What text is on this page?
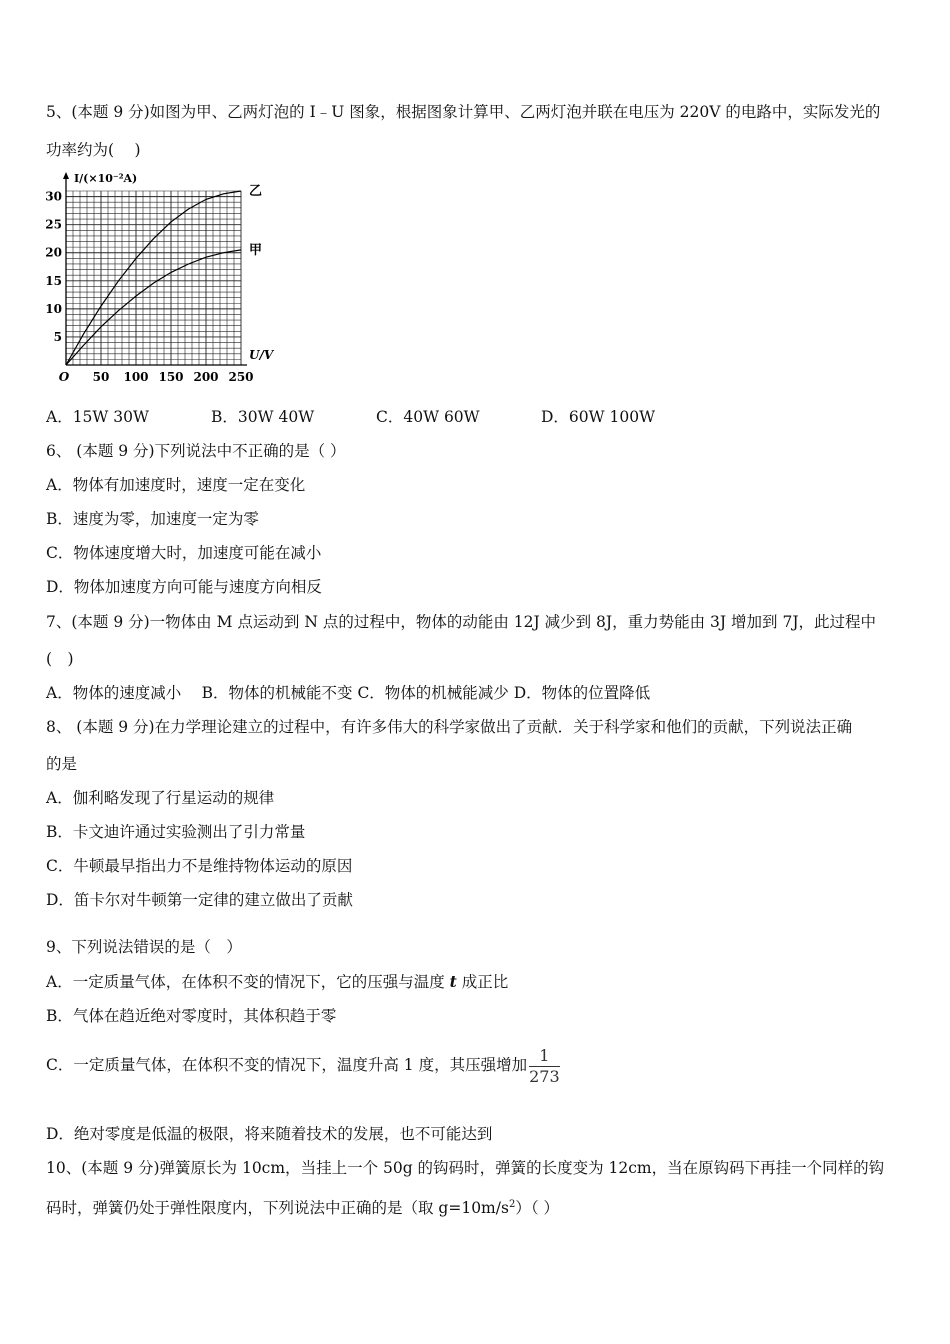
5、(本题 9 分)如图为甲、乙两灯泡的 I﹣U 图象，根据图象计算甲、乙两灯泡并联在电压为 220V 的电路中，实际发光的
功率约为(　 )
乙
甲
50 100 150 200 250
5
10
15
20
25
30
O
I/(×10⁻²A)
U/V
A．15W 30W	B．30W 40W	C．40W 60W	D．60W 100W
6、 (本题 9 分)下列说法中不正确的是（ ）
A．物体有加速度时，速度一定在变化
B．速度为零，加速度一定为零
C．物体速度增大时，加速度可能在减小
D．物体加速度方向可能与速度方向相反
7、(本题 9 分)一物体由 M 点运动到 N 点的过程中，物体的动能由 12J 减少到 8J，重力势能由 3J 增加到 7J，此过程中
(　)
A．物体的速度减小　 B．物体的机械能不变 C．物体的机械能减少 D．物体的位置降低
8、 (本题 9 分)在力学理论建立的过程中，有许多伟大的科学家做出了贡献．关于科学家和他们的贡献，下列说法正确
的是
A．伽利略发现了行星运动的规律
B．卡文迪许通过实验测出了引力常量
C．牛顿最早指出力不是维持物体运动的原因
D．笛卡尔对牛顿第一定律的建立做出了贡献
9、下列说法错误的是（　）
A．一定质量气体，在体积不变的情况下，它的压强与温度 t 成正比
B．气体在趋近绝对零度时，其体积趋于零
C．一定质量气体，在体积不变的情况下，温度升高 1 度，其压强增加 $\frac{1}{273}$
D．绝对零度是低温的极限，将来随着技术的发展，也不可能达到
10、(本题 9 分)弹簧原长为 10cm，当挂上一个 50g 的钩码时，弹簧的长度变为 12cm，当在原钩码下再挂一个同样的钩
码时，弹簧仍处于弹性限度内，下列说法中正确的是（取 $g=10m/s^2$）（ ）
